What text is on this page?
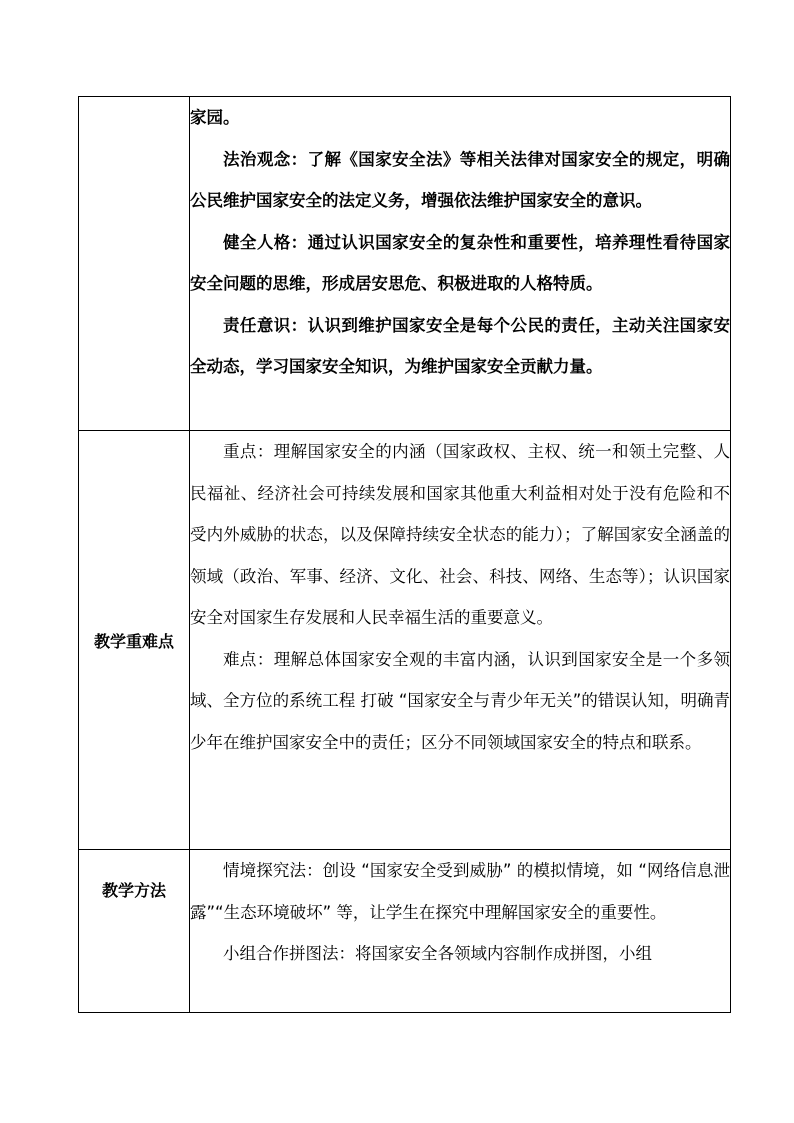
	家园。

法治观念：了解《国家安全法》等相关法律对国家安全的规定，明确公民维护国家安全的法定义务，增强依法维护国家安全的意识。

健全人格：通过认识国家安全的复杂性和重要性，培养理性看待国家安全问题的思维，形成居安思危、积极进取的人格特质。

责任意识：认识到维护国家安全是每个公民的责任，主动关注国家安全动态，学习国家安全知识，为维护国家安全贡献力量。

教学重难点	重点：理解国家安全的内涵（国家政权、主权、统一和领土完整、人民福祉、经济社会可持续发展和国家其他重大利益相对处于没有危险和不受内外威胁的状态，以及保障持续安全状态的能力）；了解国家安全涵盖的领域（政治、军事、经济、文化、社会、科技、网络、生态等）；认识国家安全对国家生存发展和人民幸福生活的重要意义。

难点：理解总体国家安全观的丰富内涵，认识到国家安全是一个多领域、全方位的系统工程 打破 “国家安全与青少年无关”的错误认知，明确青少年在维护国家安全中的责任；区分不同领域国家安全的特点和联系。

教学方法	情境探究法：创设 “国家安全受到威胁” 的模拟情境，如 “网络信息泄露”“生态环境破坏” 等，让学生在探究中理解国家安全的重要性。

小组合作拼图法：将国家安全各领域内容制作成拼图，小组
